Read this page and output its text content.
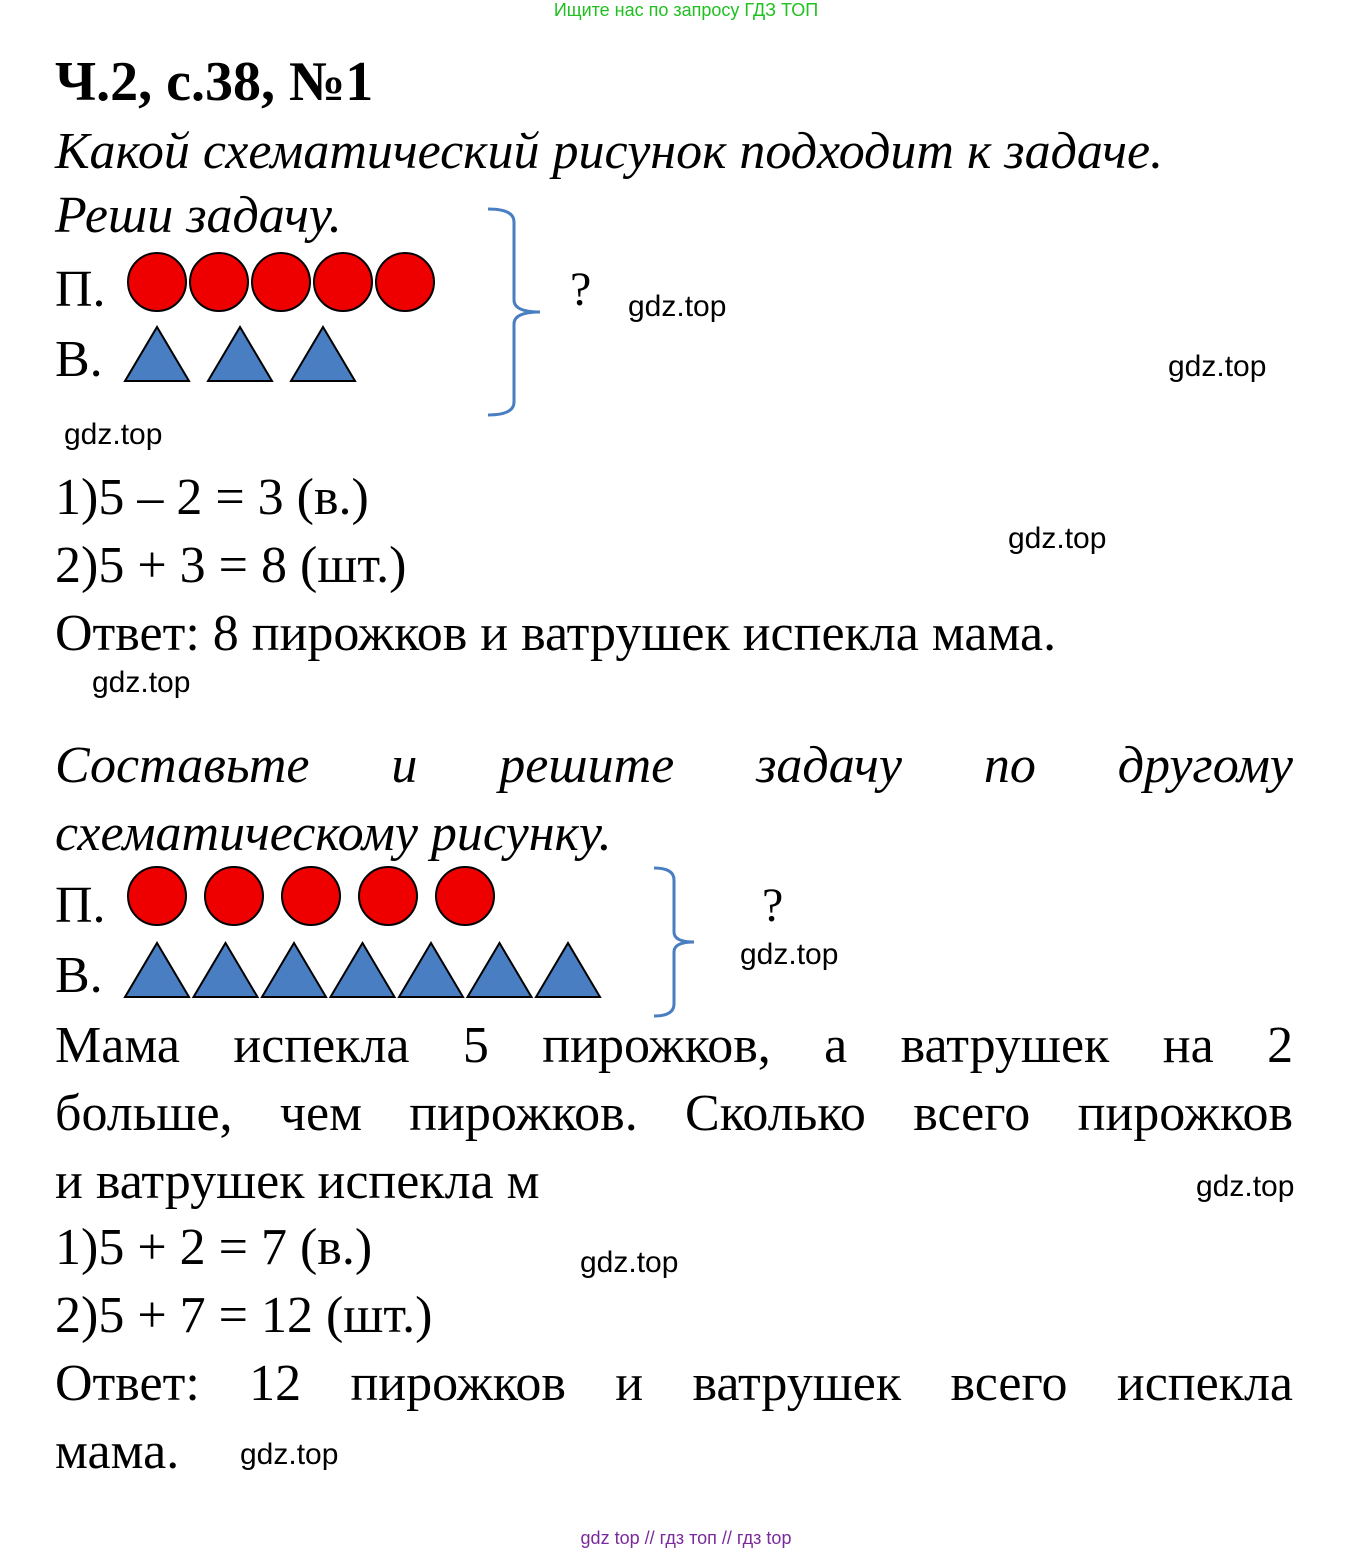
Ищите нас по запросу ГДЗ ТОП
Ч.2, с.38, №1
Какой схематический рисунок подходит к задаче.
Реши задачу.
П.
В.
? gdz.top
gdz.top
gdz.top
1)5 – 2 = 3 (в.)
2)5 + 3 = 8 (шт.)	gdz.top
Ответ: 8 пирожков и ватрушек испекла мама.
gdz.top
Составьте и решите задачу по другому
схематическому рисунку.
П.
В.
?
gdz.top
Мама испекла 5 пирожков, а ватрушек на 2
больше, чем пирожков. Сколько всего пирожков
и ватрушек испекла м	gdz.top
1)5 + 2 = 7 (в.)	gdz.top
2)5 + 7 = 12 (шт.)
Ответ: 12 пирожков и ватрушек всего испекла
мама. gdz.top
gdz top // гдз топ // гдз top
